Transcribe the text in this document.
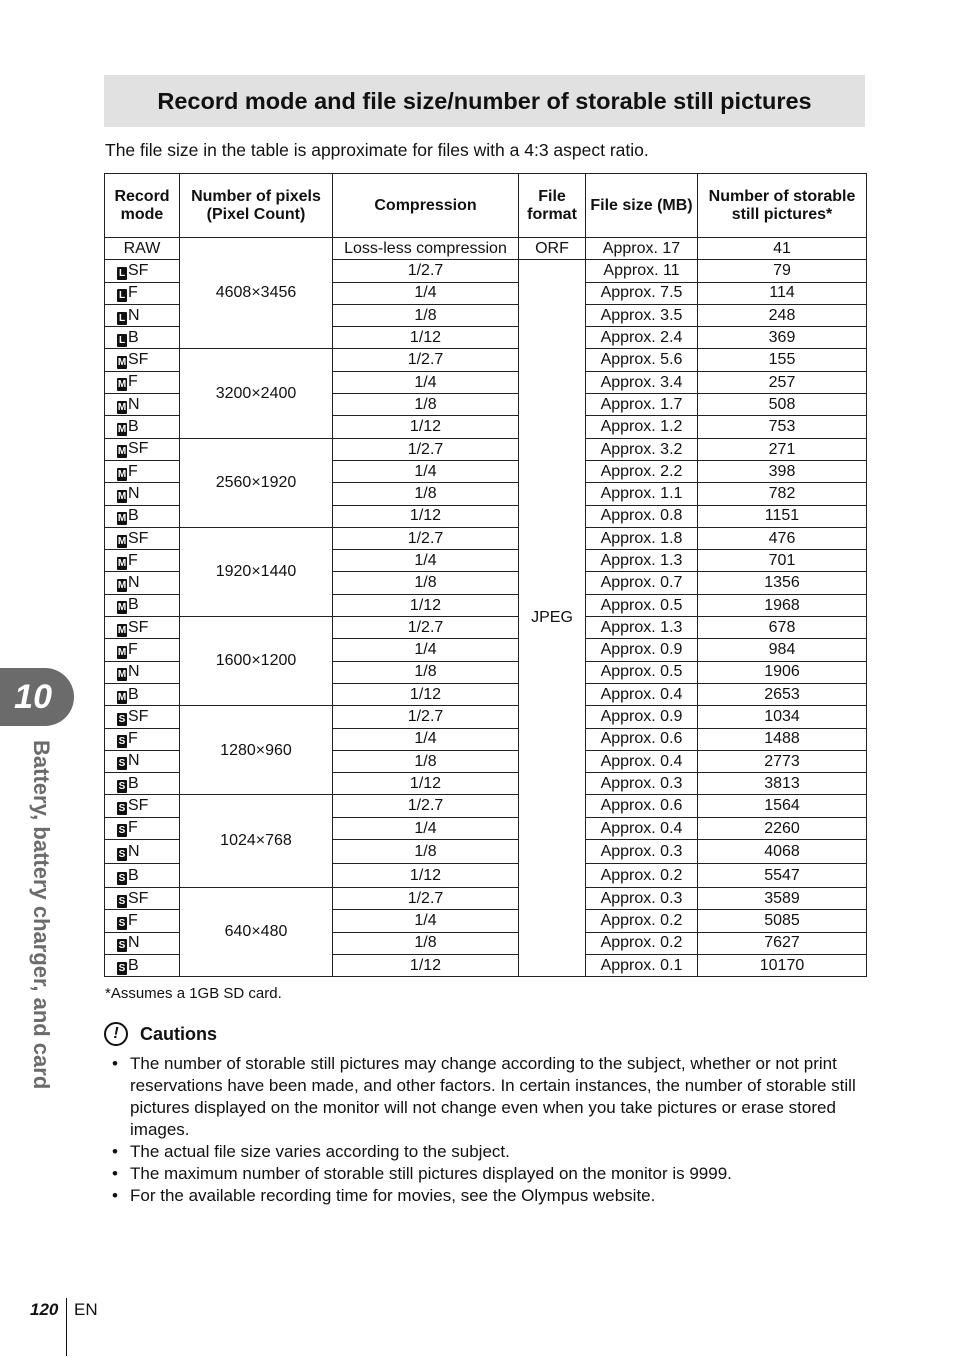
Record mode and file size/number of storable still pictures

The file size in the table is approximate for files with a 4:3 aspect ratio.

Record mode	Number of pixels (Pixel Count)	Compression	File format	File size (MB)	Number of storable still pictures*
RAW	4608×3456	Loss-less compression	ORF	Approx. 17	41
L SF		1/2.7	JPEG	Approx. 11	79
L F		1/4		Approx. 7.5	114
L N		1/8		Approx. 3.5	248
L B		1/12		Approx. 2.4	369
M SF	3200×2400	1/2.7		Approx. 5.6	155
M F		1/4		Approx. 3.4	257
M N		1/8		Approx. 1.7	508
M B		1/12		Approx. 1.2	753
M SF	2560×1920	1/2.7		Approx. 3.2	271
M F		1/4		Approx. 2.2	398
M N		1/8		Approx. 1.1	782
M B		1/12		Approx. 0.8	1151
M SF	1920×1440	1/2.7		Approx. 1.8	476
M F		1/4		Approx. 1.3	701
M N		1/8		Approx. 0.7	1356
M B		1/12		Approx. 0.5	1968
M SF	1600×1200	1/2.7		Approx. 1.3	678
M F		1/4		Approx. 0.9	984
M N		1/8		Approx. 0.5	1906
M B		1/12		Approx. 0.4	2653
S SF	1280×960	1/2.7		Approx. 0.9	1034
S F		1/4		Approx. 0.6	1488
S N		1/8		Approx. 0.4	2773
S B		1/12		Approx. 0.3	3813
S SF	1024×768	1/2.7		Approx. 0.6	1564
S F		1/4		Approx. 0.4	2260
S N		1/8		Approx. 0.3	4068
S B		1/12		Approx. 0.2	5547
S SF	640×480	1/2.7		Approx. 0.3	3589
S F		1/4		Approx. 0.2	5085
S N		1/8		Approx. 0.2	7627
S B		1/12		Approx. 0.1	10170

*Assumes a 1GB SD card.

!	Cautions
• The number of storable still pictures may change according to the subject, whether or not print reservations have been made, and other factors. In certain instances, the number of storable still pictures displayed on the monitor will not change even when you take pictures or erase stored images.
• The actual file size varies according to the subject.
• The maximum number of storable still pictures displayed on the monitor is 9999.
• For the available recording time for movies, see the Olympus website.
10
Battery, battery charger, and card
120 EN
